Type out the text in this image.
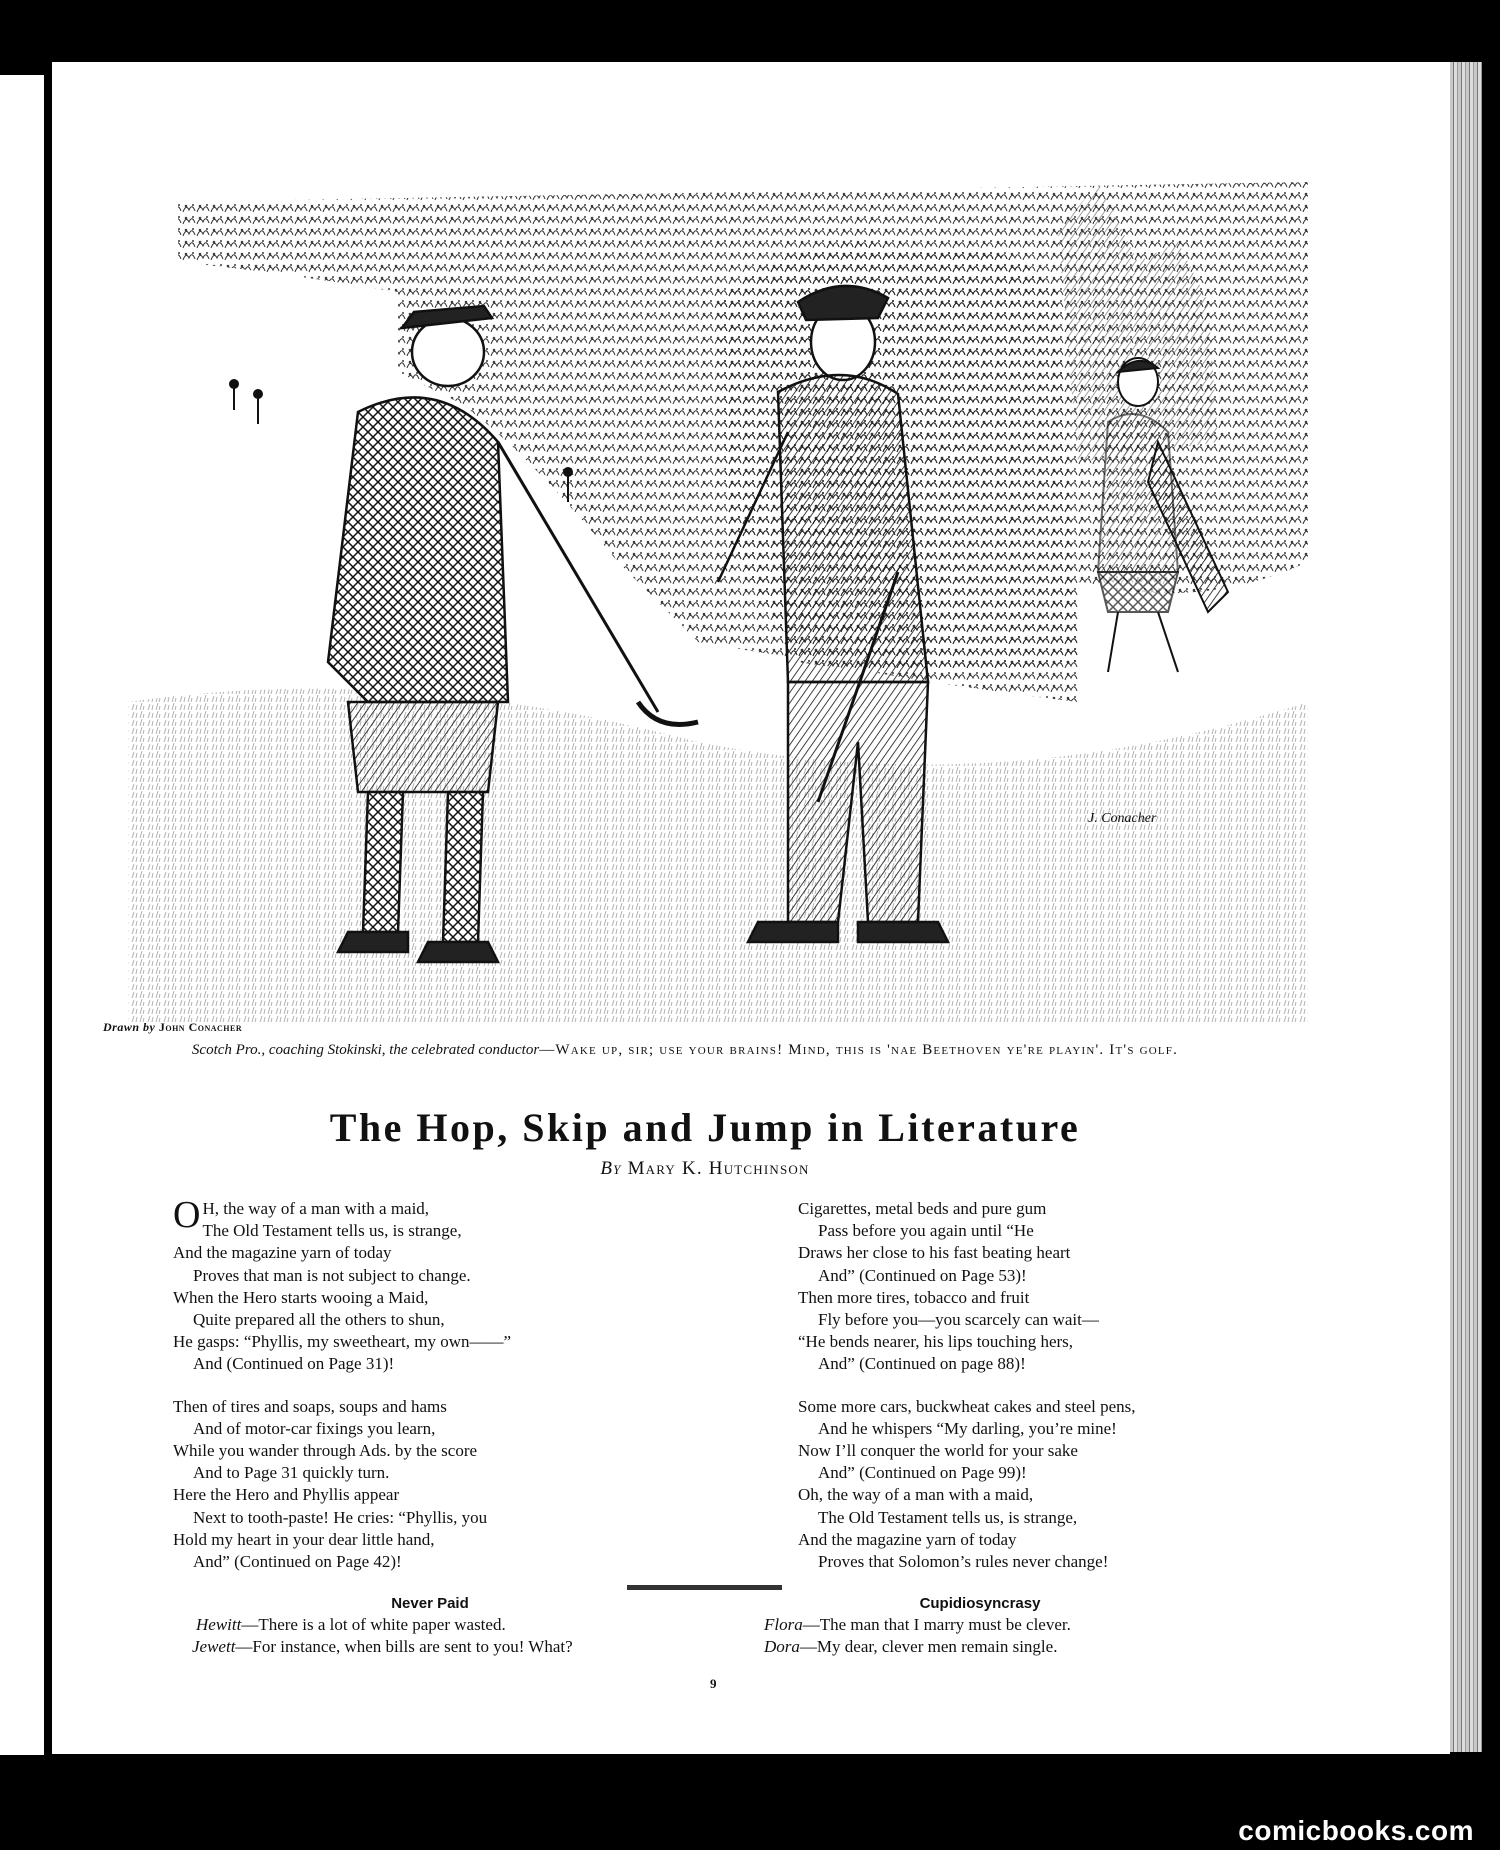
J. Conacher
Drawn by John Conacher
Scotch Pro., coaching Stokinski, the celebrated conductor—Wake up, sir; use your brains! Mind, this is 'nae Beethoven ye're playin'. It's golf.
The Hop, Skip and Jump in Literature
By Mary K. Hutchinson
O H, the way of a man with a maid,
The Old Testament tells us, is strange,
And the magazine yarn of today
Proves that man is not subject to change.
When the Hero starts wooing a Maid,
Quite prepared all the others to shun,
He gasps: “Phyllis, my sweetheart, my own——”
And (Continued on Page 31)!
Then of tires and soaps, soups and hams
And of motor-car fixings you learn,
While you wander through Ads. by the score
And to Page 31 quickly turn.
Here the Hero and Phyllis appear
Next to tooth-paste! He cries: “Phyllis, you
Hold my heart in your dear little hand,
And” (Continued on Page 42)!
Cigarettes, metal beds and pure gum
Pass before you again until “He
Draws her close to his fast beating heart
And” (Continued on Page 53)!
Then more tires, tobacco and fruit
Fly before you—you scarcely can wait—
“He bends nearer, his lips touching hers,
And” (Continued on page 88)!
Some more cars, buckwheat cakes and steel pens,
And he whispers “My darling, you’re mine!
Now I’ll conquer the world for your sake
And” (Continued on Page 99)!
Oh, the way of a man with a maid,
The Old Testament tells us, is strange,
And the magazine yarn of today
Proves that Solomon’s rules never change!
Never Paid
Hewitt—There is a lot of white paper wasted.
Jewett—For instance, when bills are sent to you! What?
Cupidiosyncrasy
Flora—The man that I marry must be clever.
Dora—My dear, clever men remain single.
9
comicbooks.com
